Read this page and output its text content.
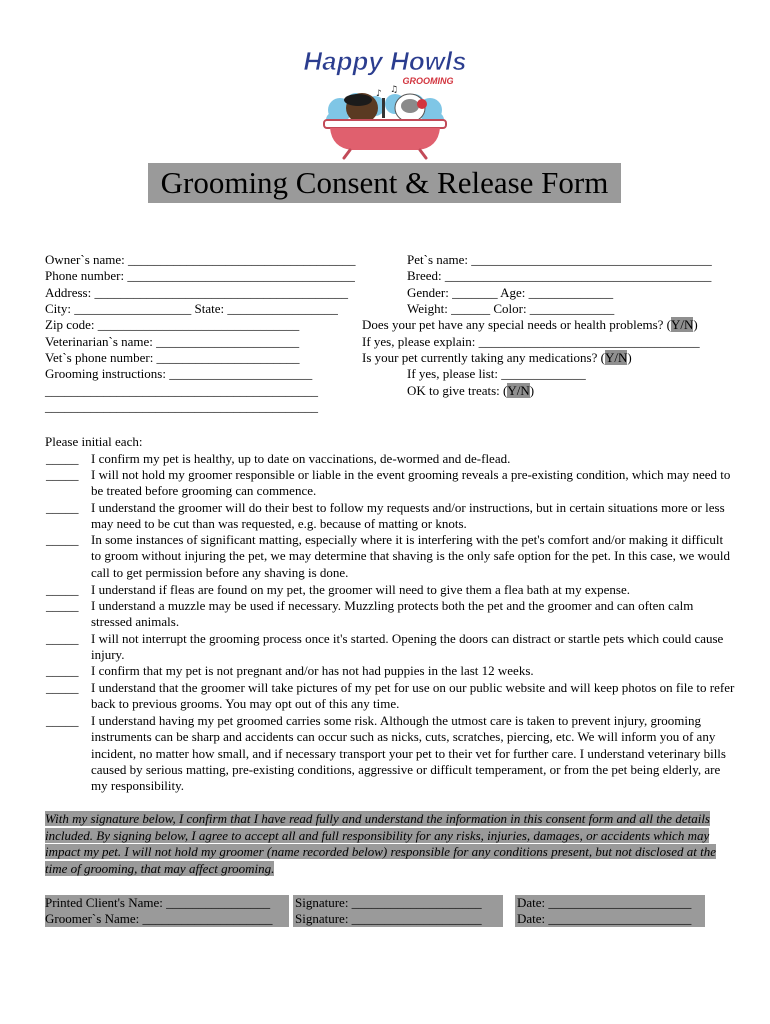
♪ ♫
Happy Howls
GROOMING
Grooming Consent & Release Form
Owner`s name: ___________________________________
Phone number: ___________________________________
Address: _______________________________________
City: __________________ State: _________________
Zip code: _______________________________
Veterinarian`s name: ______________________
Vet`s phone number: ______________________
Grooming instructions: ______________________
__________________________________________
__________________________________________
Pet`s name: _____________________________________
Breed: _________________________________________
Gender: _______ Age: _____________
Weight: ______ Color: _____________
Does your pet have any special needs or health problems? (Y/N)
If yes, please explain: __________________________________
Is your pet currently taking any medications? (Y/N)
If yes, please list: _____________
OK to give treats: (Y/N)
Please initial each:
_____ I confirm my pet is healthy, up to date on vaccinations, de-wormed and de-flead.
_____ I will not hold my groomer responsible or liable in the event grooming reveals a pre-existing condition, which may need to be treated before grooming can commence.
_____ I understand the groomer will do their best to follow my requests and/or instructions, but in certain situations more or less may need to be cut than was requested, e.g. because of matting or knots.
_____ In some instances of significant matting, especially where it is interfering with the pet's comfort and/or making it difficult to groom without injuring the pet, we may determine that shaving is the only safe option for the pet. In this case, we would call to get permission before any shaving is done.
_____ I understand if fleas are found on my pet, the groomer will need to give them a flea bath at my expense.
_____ I understand a muzzle may be used if necessary. Muzzling protects both the pet and the groomer and can often calm stressed animals.
_____ I will not interrupt the grooming process once it's started. Opening the doors can distract or startle pets which could cause injury.
_____ I confirm that my pet is not pregnant and/or has not had puppies in the last 12 weeks.
_____ I understand that the groomer will take pictures of my pet for use on our public website and will keep photos on file to refer back to previous grooms. You may opt out of this any time.
_____ I understand having my pet groomed carries some risk. Although the utmost care is taken to prevent injury, grooming instruments can be sharp and accidents can occur such as nicks, cuts, scratches, piercing, etc. We will inform you of any incident, no matter how small, and if necessary transport your pet to their vet for further care. I understand veterinary bills caused by serious matting, pre-existing conditions, aggressive or difficult temperament, or from the pet being elderly, are my responsibility.
With my signature below, I confirm that I have read fully and understand the information in this consent form and all the details included. By signing below, I agree to accept all and full responsibility for any risks, injuries, damages, or accidents which may impact my pet. I will not hold my groomer (name recorded below) responsible for any conditions present, but not disclosed at the time of grooming, that may affect grooming.
Printed Client's Name: ________________ Signature: ____________________	Date: ______________________
Groomer`s Name: ____________________ Signature: ____________________	Date: ______________________
